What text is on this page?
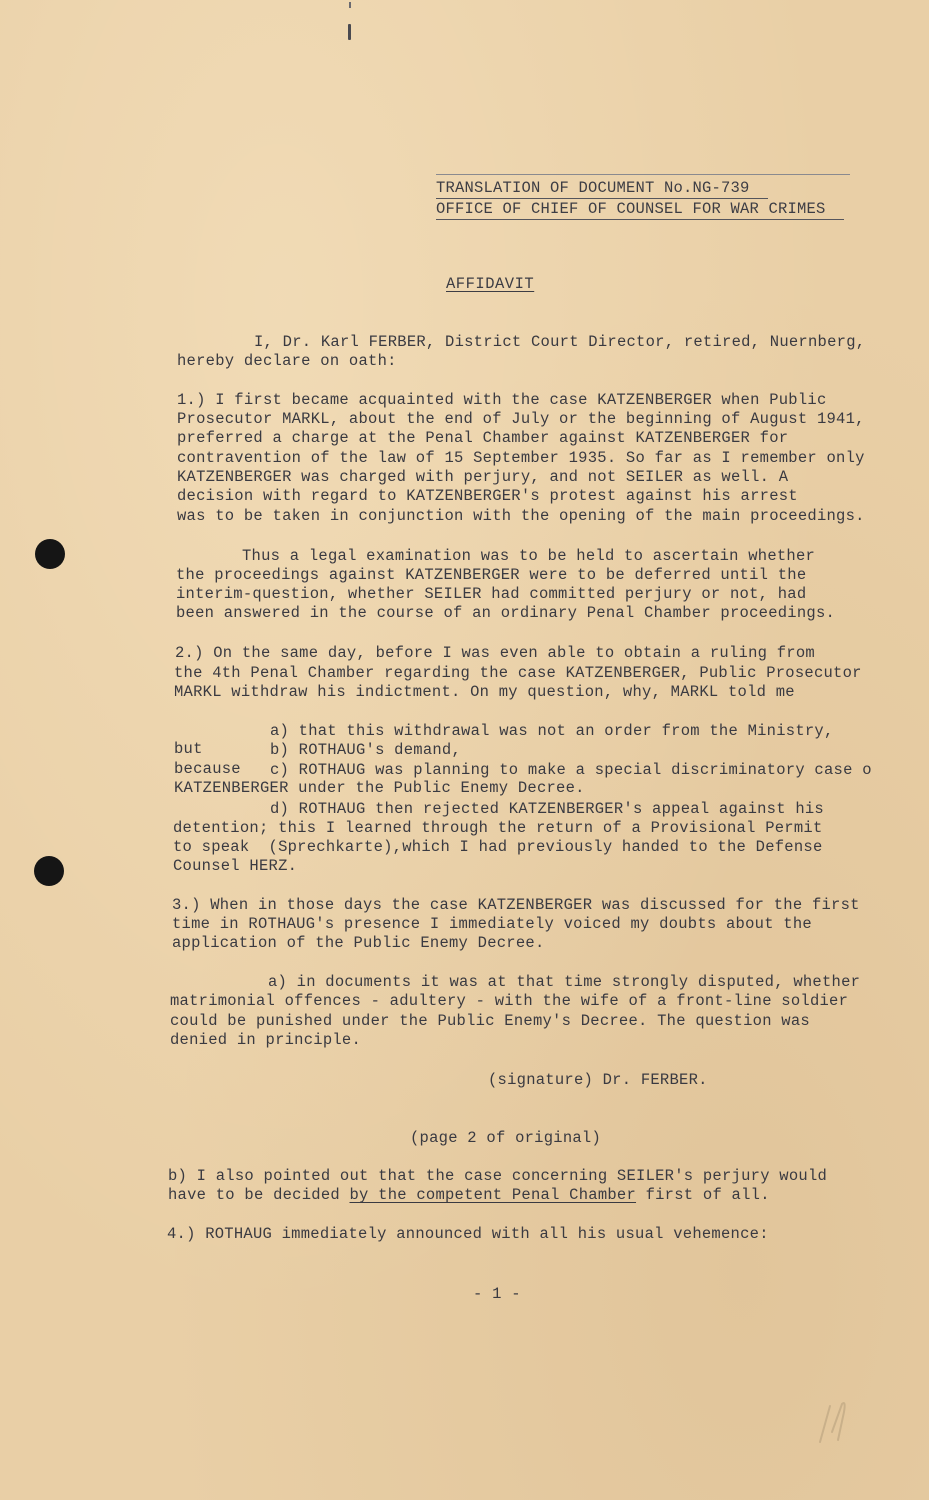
TRANSLATION OF DOCUMENT No.NG-739
OFFICE OF CHIEF OF COUNSEL FOR WAR CRIMES
AFFIDAVIT
I, Dr. Karl FERBER, District Court Director, retired, Nuernberg,
hereby declare on oath:
1.) I first became acquainted with the case KATZENBERGER when Public
Prosecutor MARKL, about the end of July or the beginning of August 1941,
preferred a charge at the Penal Chamber against KATZENBERGER for
contravention of the law of 15 September 1935. So far as I remember only
KATZENBERGER was charged with perjury, and not SEILER as well. A
decision with regard to KATZENBERGER's protest against his arrest
was to be taken in conjunction with the opening of the main proceedings.
Thus a legal examination was to be held to ascertain whether
the proceedings against KATZENBERGER were to be deferred until the
interim-question, whether SEILER had committed perjury or not, had
been answered in the course of an ordinary Penal Chamber proceedings.
2.) On the same day, before I was even able to obtain a ruling from
the 4th Penal Chamber regarding the case KATZENBERGER, Public Prosecutor
MARKL withdraw his indictment. On my question, why, MARKL told me
a) that this withdrawal was not an order from the Ministry,
but	b) ROTHAUG's demand,
because c) ROTHAUG was planning to make a special discriminatory case o
KATZENBERGER under the Public Enemy Decree.
d) ROTHAUG then rejected KATZENBERGER's appeal against his
detention; this I learned through the return of a Provisional Permit
to speak  (Sprechkarte),which I had previously handed to the Defense
Counsel HERZ.
3.) When in those days the case KATZENBERGER was discussed for the first
time in ROTHAUG's presence I immediately voiced my doubts about the
application of the Public Enemy Decree.
a) in documents it was at that time strongly disputed, whether
matrimonial offences - adultery - with the wife of a front-line soldier
could be punished under the Public Enemy's Decree. The question was
denied in principle.
(signature) Dr. FERBER.
(page 2 of original)
b) I also pointed out that the case concerning SEILER's perjury would
have to be decided by the competent Penal Chamber first of all.
4.) ROTHAUG immediately announced with all his usual vehemence:
- 1 -
